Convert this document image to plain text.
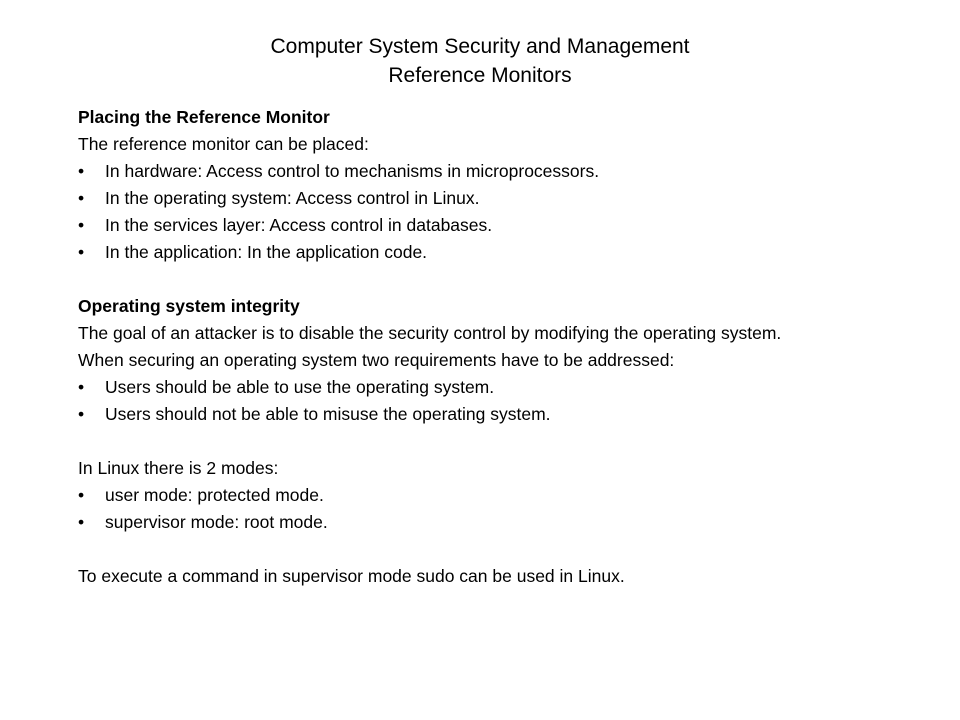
Computer System Security and Management
Reference Monitors
Placing the Reference Monitor
The reference monitor can be placed:
• In hardware: Access control to mechanisms in microprocessors.
• In the operating system: Access control in Linux.
• In the services layer: Access control in databases.
• In the application: In the application code.
Operating system integrity
The goal of an attacker is to disable the security control by modifying the operating system.
When securing an operating system two requirements have to be addressed:
• Users should be able to use the operating system.
• Users should not be able to misuse the operating system.
In Linux there is 2 modes:
• user mode: protected mode.
• supervisor mode: root mode.
To execute a command in supervisor mode sudo can be used in Linux.
